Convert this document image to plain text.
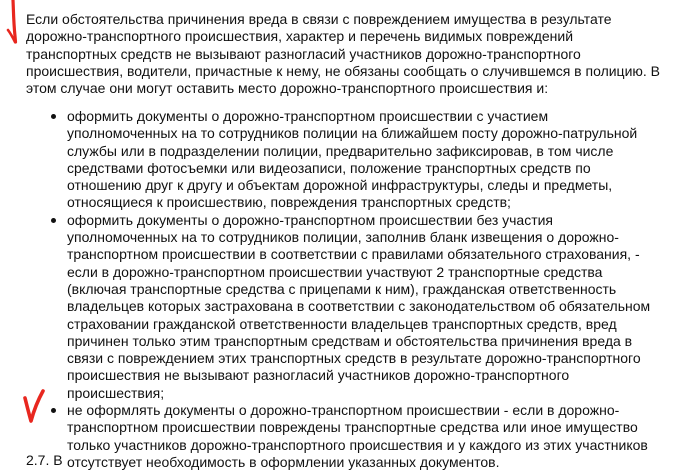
Если обстоятельства причинения вреда в связи с повреждением имущества в результате дорожно-транспортного происшествия, характер и перечень видимых повреждений транспортных средств не вызывают разногласий участников дорожно-транспортного происшествия, водители, причастные к нему, не обязаны сообщать о случившемся в полицию. В этом случае они могут оставить место дорожно-транспортного происшествия и:

оформить документы о дорожно-транспортном происшествии с участием уполномоченных на то сотрудников полиции на ближайшем посту дорожно-патрульной службы или в подразделении полиции, предварительно зафиксировав, в том числе средствами фотосъемки или видеозаписи, положение транспортных средств по отношению друг к другу и объектам дорожной инфраструктуры, следы и предметы, относящиеся к происшествию, повреждения транспортных средств;
оформить документы о дорожно-транспортном происшествии без участия уполномоченных на то сотрудников полиции, заполнив бланк извещения о дорожно-транспортном происшествии в соответствии с правилами обязательного страхования, - если в дорожно-транспортном происшествии участвуют 2 транспортные средства (включая транспортные средства с прицепами к ним), гражданская ответственность владельцев которых застрахована в соответствии с законодательством об обязательном страховании гражданской ответственности владельцев транспортных средств, вред причинен только этим транспортным средствам и обстоятельства причинения вреда в связи с повреждением этих транспортных средств в результате дорожно-транспортного происшествия не вызывают разногласий участников дорожно-транспортного происшествия;
не оформлять документы о дорожно-транспортном происшествии - если в дорожно-транспортном происшествии повреждены транспортные средства или иное имущество только участников дорожно-транспортного происшествия и у каждого из этих участников отсутствует необходимость в оформлении указанных документов.
2.7. В
